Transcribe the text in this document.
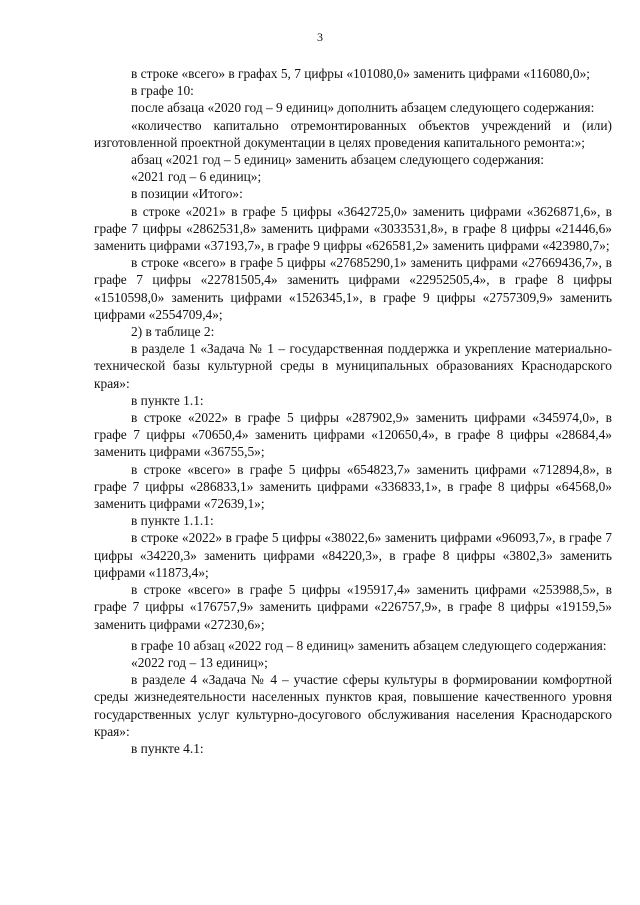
3

в строке «всего» в графах 5, 7 цифры «101080,0» заменить цифрами «116080,0»;

в графе 10:

после абзаца «2020 год – 9 единиц» дополнить абзацем следующего содержания:

«количество капитально отремонтированных объектов учреждений и (или) изготовленной проектной документации в целях проведения капитального ремонта:»;

абзац «2021 год – 5 единиц» заменить абзацем следующего содержания:

«2021 год – 6 единиц»;

в позиции «Итого»:

в строке «2021» в графе 5 цифры «3642725,0» заменить цифрами «3626871,6», в графе 7 цифры «2862531,8» заменить цифрами «3033531,8», в графе 8 цифры «21446,6» заменить цифрами «37193,7», в графе 9 цифры «626581,2» заменить цифрами «423980,7»;

в строке «всего» в графе 5 цифры «27685290,1» заменить цифрами «27669436,7», в графе 7 цифры «22781505,4» заменить цифрами «22952505,4», в графе 8 цифры «1510598,0» заменить цифрами «1526345,1», в графе 9 цифры «2757309,9» заменить цифрами «2554709,4»;

2) в таблице 2:

в разделе 1 «Задача № 1 – государственная поддержка и укрепление материально-технической базы культурной среды в муниципальных образованиях Краснодарского края»:

в пункте 1.1:

в строке «2022» в графе 5 цифры «287902,9» заменить цифрами «345974,0», в графе 7 цифры «70650,4» заменить цифрами «120650,4», в графе 8 цифры «28684,4» заменить цифрами «36755,5»;

в строке «всего» в графе 5 цифры «654823,7» заменить цифрами «712894,8», в графе 7 цифры «286833,1» заменить цифрами «336833,1», в графе 8 цифры «64568,0» заменить цифрами «72639,1»;

в пункте 1.1.1:

в строке «2022» в графе 5 цифры «38022,6» заменить цифрами «96093,7», в графе 7 цифры «34220,3» заменить цифрами «84220,3», в графе 8 цифры «3802,3» заменить цифрами «11873,4»;

в строке «всего» в графе 5 цифры «195917,4» заменить цифрами «253988,5», в графе 7 цифры «176757,9» заменить цифрами «226757,9», в графе 8 цифры «19159,5» заменить цифрами «27230,6»;

в графе 10 абзац «2022 год – 8 единиц» заменить абзацем следующего содержания:

«2022 год – 13 единиц»;

в разделе 4 «Задача № 4 – участие сферы культуры в формировании комфортной среды жизнедеятельности населенных пунктов края, повышение качественного уровня государственных услуг культурно-досугового обслуживания населения Краснодарского края»:

в пункте 4.1:
